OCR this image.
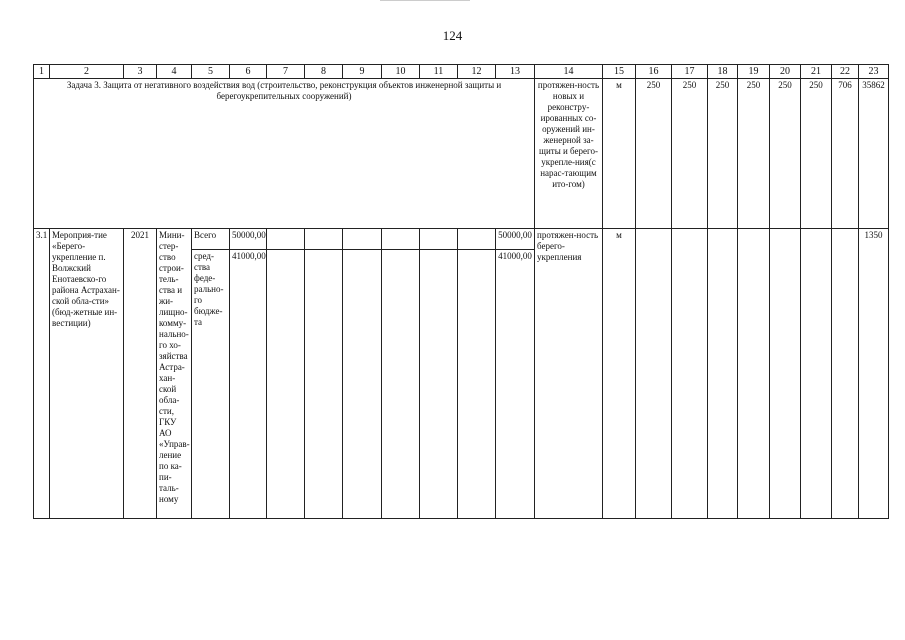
124
1	2	3	4	5	6	7	8	9	10	11	12	13	14	15	16	17	18	19	20	21	22	23
Задача 3. Защита от негативного воздействия вод (строительство, реконструкция объектов инженерной защиты и берегоукрепительных сооружений)													протяжен-ность новых и реконстру-ированных со-оружений ин-женерной за-щиты и берего-укрепле-ния(с нарас-тающим ито-гом)	м	250	250	250	250	250	250	706	35862
3.1	Мероприя-тие «Берего-укрепление п. Волжский Енотаевско-го района Астрахан-ской обла-сти» (бюд-жетные ин-вестиции)	2021	Мини-стер-ство строи-тель-ства и жи-лищно-комму-нально-го хо-зяйства Астра-хан-ской обла-сти, ГКУ АО «Управ-ление по ка-пи-таль-ному	Всего	50000,00							50000,00	протяжен-ность берего-укрепления	м								1350
				сред-ства феде-рально-го бюдже-та	41000,00							41000,00										
